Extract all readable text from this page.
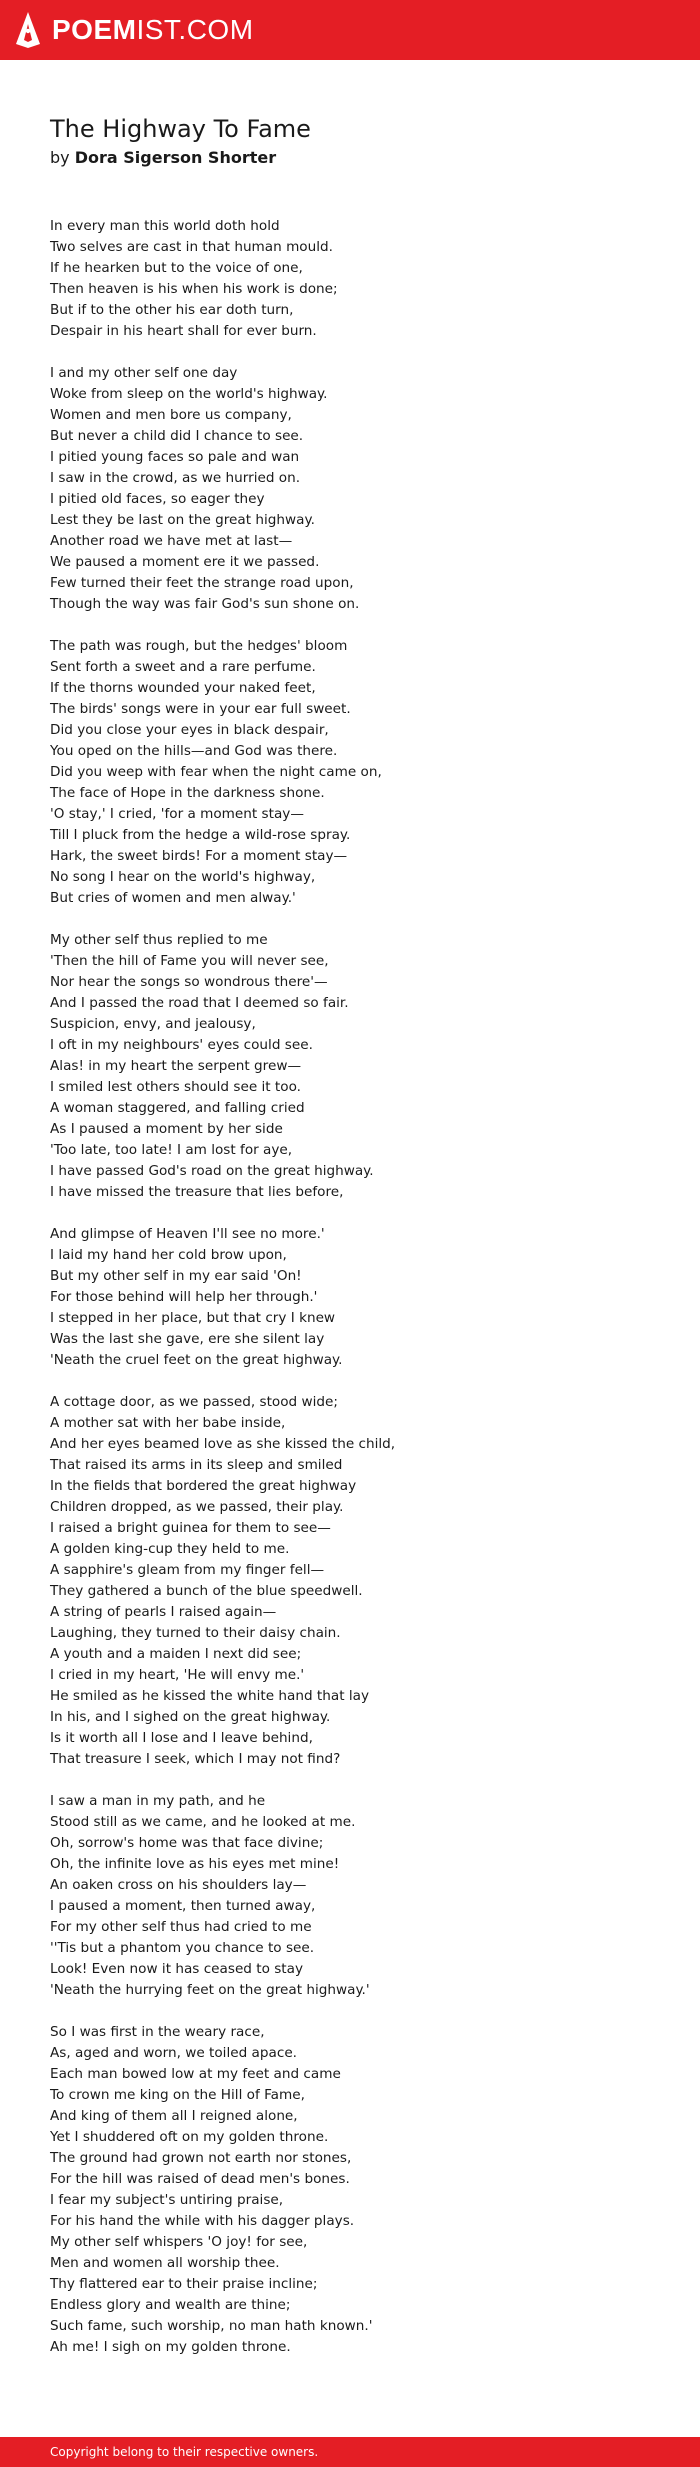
POEMIST.COM
The Highway To Fame
by Dora Sigerson Shorter
In every man this world doth hold
Two selves are cast in that human mould.
If he hearken but to the voice of one,
Then heaven is his when his work is done;
But if to the other his ear doth turn,
Despair in his heart shall for ever burn.
I and my other self one day
Woke from sleep on the world's highway.
Women and men bore us company,
But never a child did I chance to see.
I pitied young faces so pale and wan
I saw in the crowd, as we hurried on.
I pitied old faces, so eager they
Lest they be last on the great highway.
Another road we have met at last—
We paused a moment ere it we passed.
Few turned their feet the strange road upon,
Though the way was fair God's sun shone on.
The path was rough, but the hedges' bloom
Sent forth a sweet and a rare perfume.
If the thorns wounded your naked feet,
The birds' songs were in your ear full sweet.
Did you close your eyes in black despair,
You oped on the hills—and God was there.
Did you weep with fear when the night came on,
The face of Hope in the darkness shone.
'O stay,' I cried, 'for a moment stay—
Till I pluck from the hedge a wild-rose spray.
Hark, the sweet birds! For a moment stay—
No song I hear on the world's highway,
But cries of women and men alway.'
My other self thus replied to me
'Then the hill of Fame you will never see,
Nor hear the songs so wondrous there'—
And I passed the road that I deemed so fair.
Suspicion, envy, and jealousy,
I oft in my neighbours' eyes could see.
Alas! in my heart the serpent grew—
I smiled lest others should see it too.
A woman staggered, and falling cried
As I paused a moment by her side
'Too late, too late! I am lost for aye,
I have passed God's road on the great highway.
I have missed the treasure that lies before,
And glimpse of Heaven I'll see no more.'
I laid my hand her cold brow upon,
But my other self in my ear said 'On!
For those behind will help her through.'
I stepped in her place, but that cry I knew
Was the last she gave, ere she silent lay
'Neath the cruel feet on the great highway.
A cottage door, as we passed, stood wide;
A mother sat with her babe inside,
And her eyes beamed love as she kissed the child,
That raised its arms in its sleep and smiled
In the fields that bordered the great highway
Children dropped, as we passed, their play.
I raised a bright guinea for them to see—
A golden king-cup they held to me.
A sapphire's gleam from my finger fell—
They gathered a bunch of the blue speedwell.
A string of pearls I raised again—
Laughing, they turned to their daisy chain.
A youth and a maiden I next did see;
I cried in my heart, 'He will envy me.'
He smiled as he kissed the white hand that lay
In his, and I sighed on the great highway.
Is it worth all I lose and I leave behind,
That treasure I seek, which I may not find?
I saw a man in my path, and he
Stood still as we came, and he looked at me.
Oh, sorrow's home was that face divine;
Oh, the infinite love as his eyes met mine!
An oaken cross on his shoulders lay—
I paused a moment, then turned away,
For my other self thus had cried to me
''Tis but a phantom you chance to see.
Look! Even now it has ceased to stay
'Neath the hurrying feet on the great highway.'
So I was first in the weary race,
As, aged and worn, we toiled apace.
Each man bowed low at my feet and came
To crown me king on the Hill of Fame,
And king of them all I reigned alone,
Yet I shuddered oft on my golden throne.
The ground had grown not earth nor stones,
For the hill was raised of dead men's bones.
I fear my subject's untiring praise,
For his hand the while with his dagger plays.
My other self whispers 'O joy! for see,
Men and women all worship thee.
Thy flattered ear to their praise incline;
Endless glory and wealth are thine;
Such fame, such worship, no man hath known.'
Ah me! I sigh on my golden throne.
Copyright belong to their respective owners.
